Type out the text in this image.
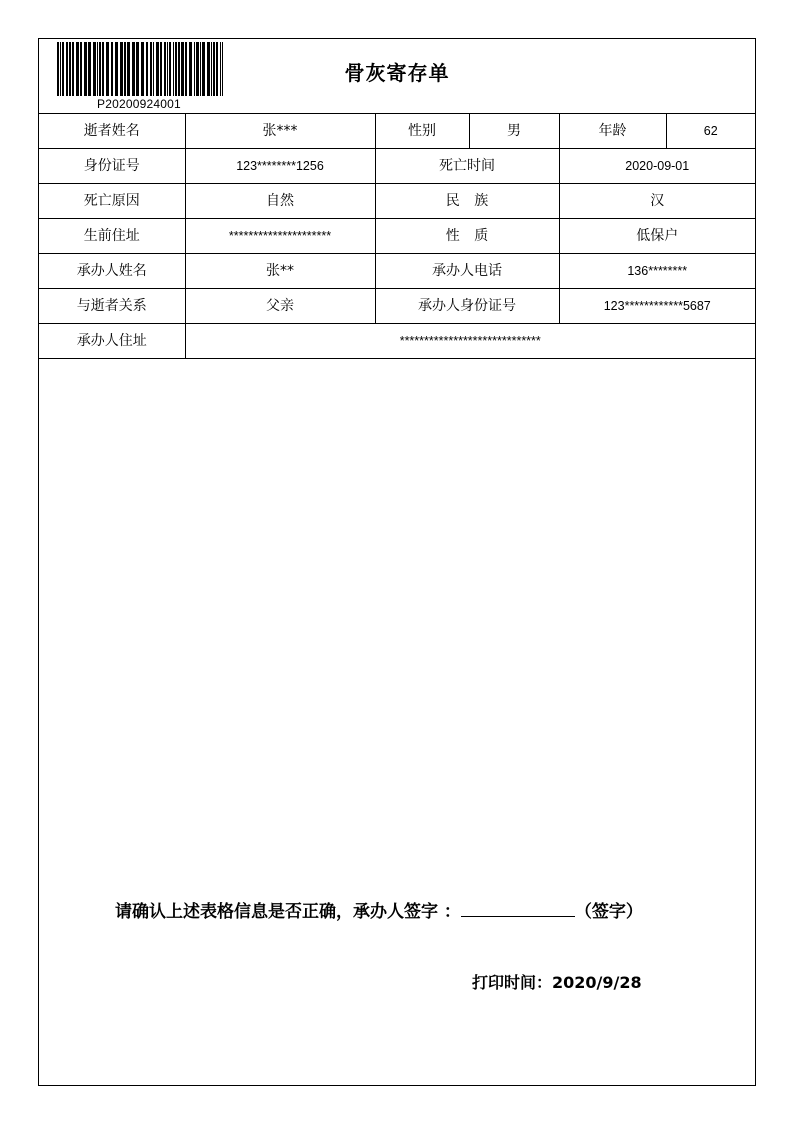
P20200924001
骨灰寄存单
逝者姓名	张***	性别	男	年龄	62
身份证号	123********1256	死亡时间		2020-09-01	
死亡原因	自然	民 族		汉	
生前住址	*********************	性 质		低保户	
承办人姓名	张**	承办人电话		136********	
与逝者关系	父亲	承办人身份证号		123************5687	
承办人住址	*****************************				
请确认上述表格信息是否正确，承办人签字 ：	（签字）
打印时间：2020/9/28
